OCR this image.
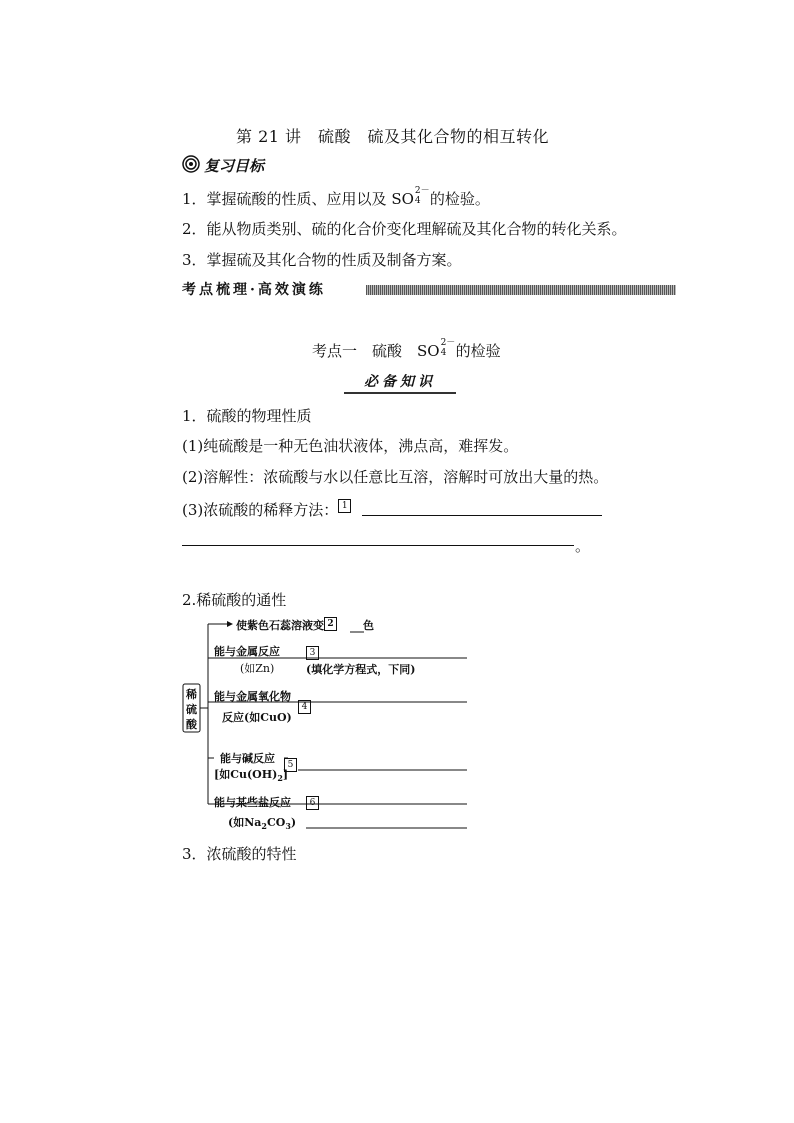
第 21 讲　硫酸　硫及其化合物的相互转化
复习目标
1．掌握硫酸的性质、应用以及 SO 2－
4 的检验。
2．能从物质类别、硫的化合价变化理解硫及其化合物的转化关系。
3．掌握硫及其化合物的性质及制备方案。
考点梳理·高效演练
考点一　硫酸　SO 2－
4 的检验
必备知识
1．硫酸的物理性质
(1)纯硫酸是一种无色油状液体，沸点高，难挥发。
(2)溶解性：浓硫酸与水以任意比互溶，溶解时可放出大量的热。
(3)浓硫酸的稀释方法： 1
。
2.稀硫酸的通性
稀
硫
酸
使紫色石蕊溶液变 2	色
能与金属反应
(如Zn)
3
(填化学方程式，下同)
能与金属氧化物
反应(如CuO)
4
能与碱反应
[如$Cu(OH)_2$]
5
能与某些盐反应
(如$Na_2CO_3$)
6
3．浓硫酸的特性
